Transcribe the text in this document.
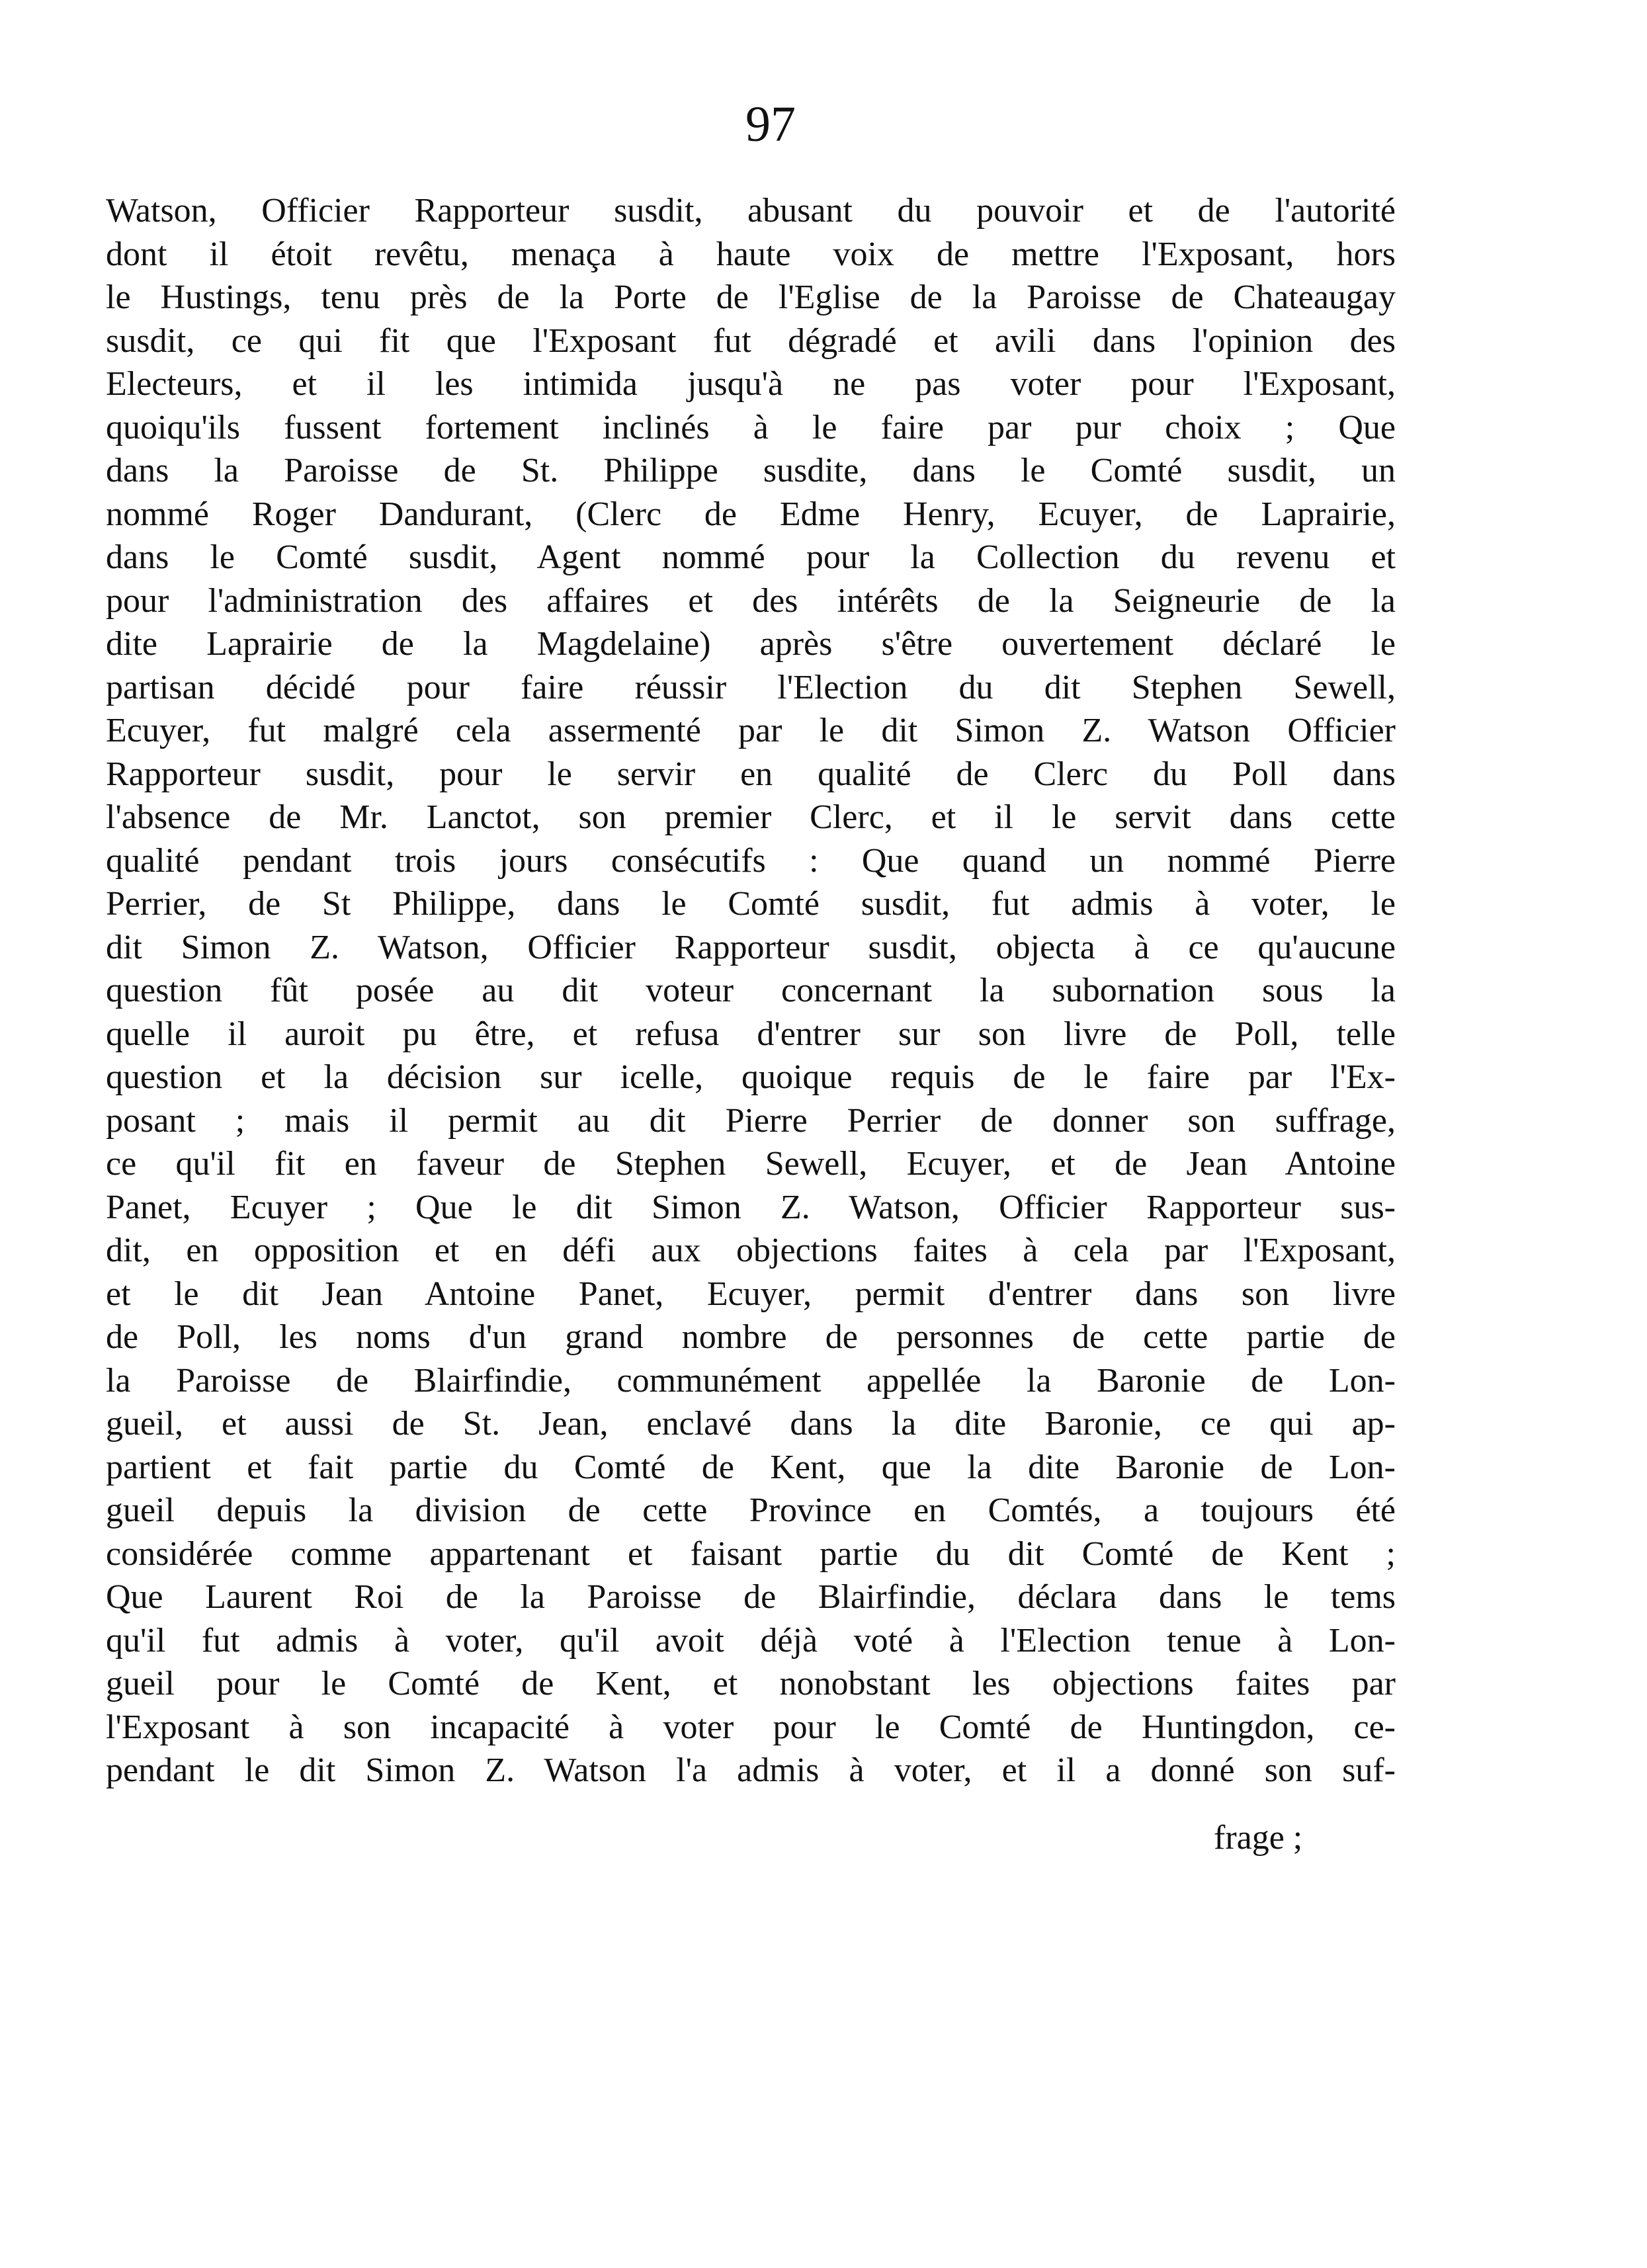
97
Watson, Officier Rapporteur susdit, abusant du pouvoir et de l'autorité
dont il étoit revêtu, menaça à haute voix de mettre l'Exposant, hors
le Hustings, tenu près de la Porte de l'Eglise de la Paroisse de Chateaugay
susdit, ce qui fit que l'Exposant fut dégradé et avili dans l'opinion des
Electeurs, et il les intimida jusqu'à ne pas voter pour l'Exposant,
quoiqu'ils fussent fortement inclinés à le faire par pur choix ; Que
dans la Paroisse de St. Philippe susdite, dans le Comté susdit, un
nommé Roger Dandurant, (Clerc de Edme Henry, Ecuyer, de Laprairie,
dans le Comté susdit, Agent nommé pour la Collection du revenu et
pour l'administration des affaires et des intérêts de la Seigneurie de la
dite Laprairie de la Magdelaine) après s'être ouvertement déclaré le
partisan décidé pour faire réussir l'Election du dit Stephen Sewell,
Ecuyer, fut malgré cela assermenté par le dit Simon Z. Watson Officier
Rapporteur susdit, pour le servir en qualité de Clerc du Poll dans
l'absence de Mr. Lanctot, son premier Clerc, et il le servit dans cette
qualité pendant trois jours consécutifs : Que quand un nommé Pierre
Perrier, de St Philippe, dans le Comté susdit, fut admis à voter, le
dit Simon Z. Watson, Officier Rapporteur susdit, objecta à ce qu'aucune
question fût posée au dit voteur concernant la subornation sous la
quelle il auroit pu être, et refusa d'entrer sur son livre de Poll, telle
question et la décision sur icelle, quoique requis de le faire par l'Ex-
posant ; mais il permit au dit Pierre Perrier de donner son suffrage,
ce qu'il fit en faveur de Stephen Sewell, Ecuyer, et de Jean Antoine
Panet, Ecuyer ; Que le dit Simon Z. Watson, Officier Rapporteur sus-
dit, en opposition et en défi aux objections faites à cela par l'Exposant,
et le dit Jean Antoine Panet, Ecuyer, permit d'entrer dans son livre
de Poll, les noms d'un grand nombre de personnes de cette partie de
la Paroisse de Blairfindie, communément appellée la Baronie de Lon-
gueil, et aussi de St. Jean, enclavé dans la dite Baronie, ce qui ap-
partient et fait partie du Comté de Kent, que la dite Baronie de Lon-
gueil depuis la division de cette Province en Comtés, a toujours été
considérée comme appartenant et faisant partie du dit Comté de Kent ;
Que Laurent Roi de la Paroisse de Blairfindie, déclara dans le tems
qu'il fut admis à voter, qu'il avoit déjà voté à l'Election tenue à Lon-
gueil pour le Comté de Kent, et nonobstant les objections faites par
l'Exposant à son incapacité à voter pour le Comté de Huntingdon, ce-
pendant le dit Simon Z. Watson l'a admis à voter, et il a donné son suf-
frage ;
